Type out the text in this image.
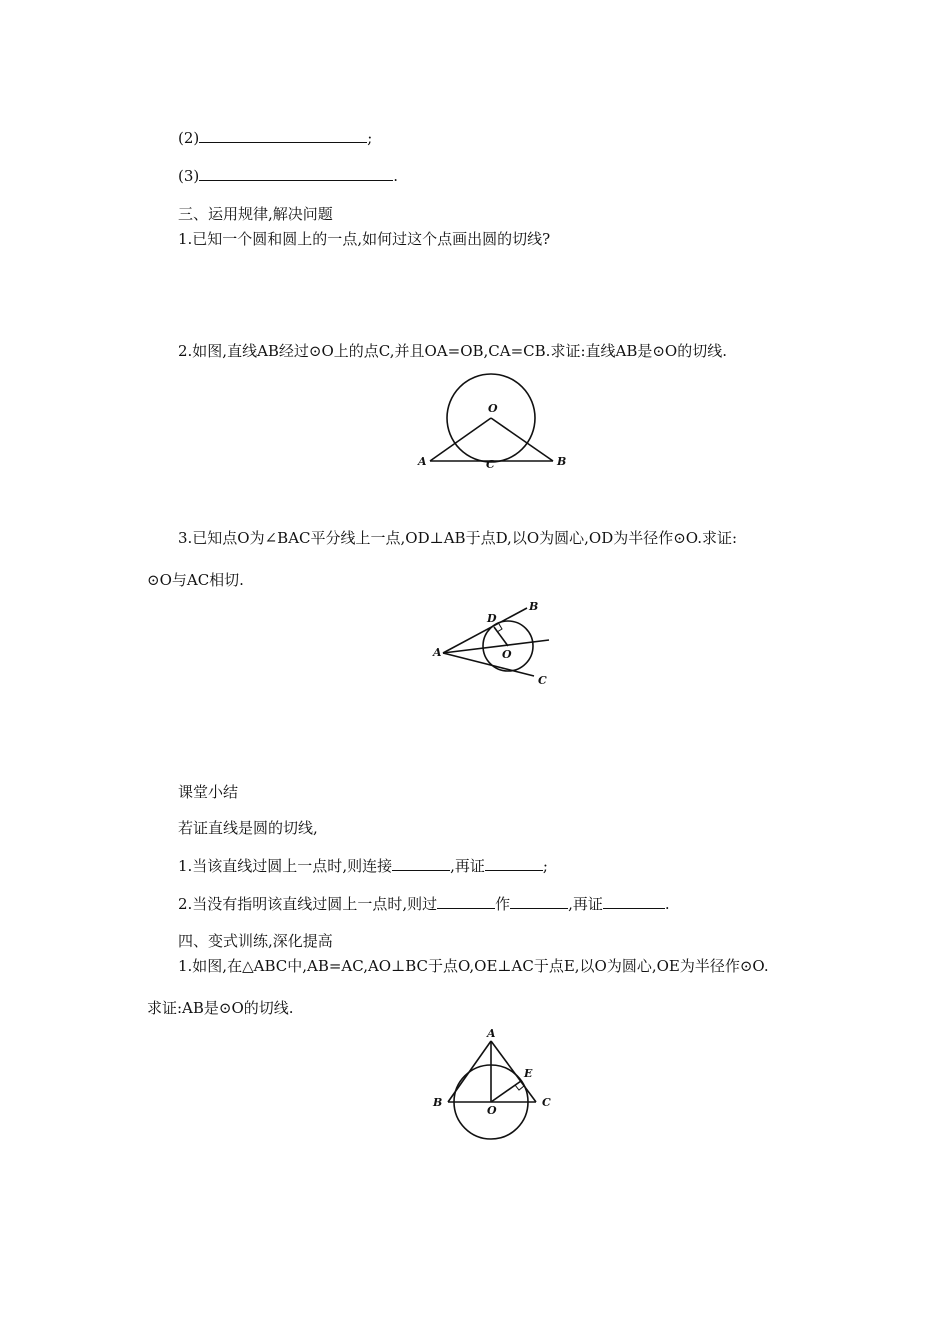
(2)	;
(3)	.
三、运用规律,解决问题
1.已知一个圆和圆上的一点,如何过这个点画出圆的切线?
2.如图,直线AB经过⊙O上的点C,并且OA=OB,CA=CB.求证:直线AB是⊙O的切线.
O
A	C	B
3.已知点O为∠BAC平分线上一点,OD⊥AB于点D,以O为圆心,OD为半径作⊙O.求证:
⊙O与AC相切.
D
B
A	O
C
课堂小结
若证直线是圆的切线,
1.当该直线过圆上一点时,则连接	,再证	;
2.当没有指明该直线过圆上一点时,则过	作	,再证	.
四、变式训练,深化提高
1.如图,在△ABC中,AB=AC,AO⊥BC于点O,OE⊥AC于点E,以O为圆心,OE为半径作⊙O.
求证:AB是⊙O的切线.
A
E
B
O
C
